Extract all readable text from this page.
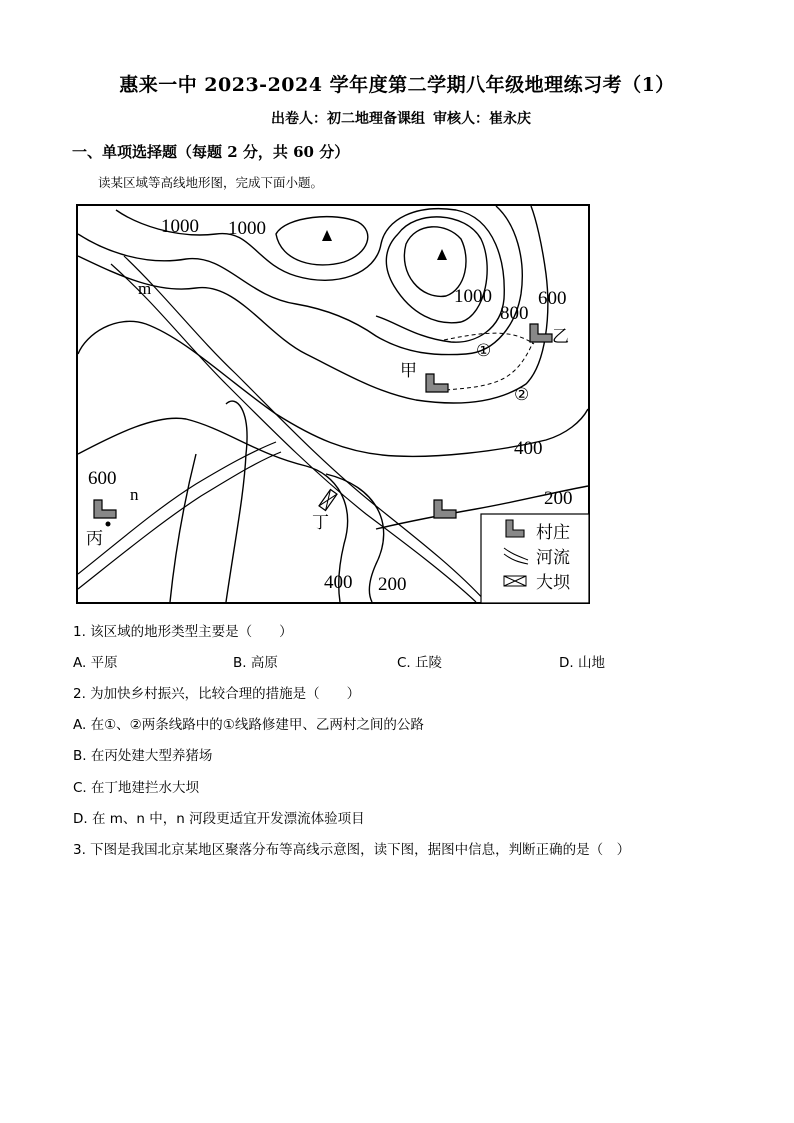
惠来一中 2023-2024 学年度第二学期八年级地理练习考（1）
出卷人：初二地理备课组 审核人：崔永庆
一、单项选择题（每题 2 分，共 60 分）
读某区域等高线地形图，完成下面小题。
1000 1000
1000
800
600
400
200
600
400 200
①
②
m
n
甲
乙
丙
丁
村庄
河流
大坝
1. 该区域的地形类型主要是（　　）
A. 平原	B. 高原	C. 丘陵	D. 山地
2. 为加快乡村振兴，比较合理的措施是（　　）
A. 在①、②两条线路中的①线路修建甲、乙两村之间的公路
B. 在丙处建大型养猪场
C. 在丁地建拦水大坝
D. 在 m、n 中，n 河段更适宜开发漂流体验项目
3. 下图是我国北京某地区聚落分布等高线示意图，读下图，据图中信息，判断正确的是（　）
